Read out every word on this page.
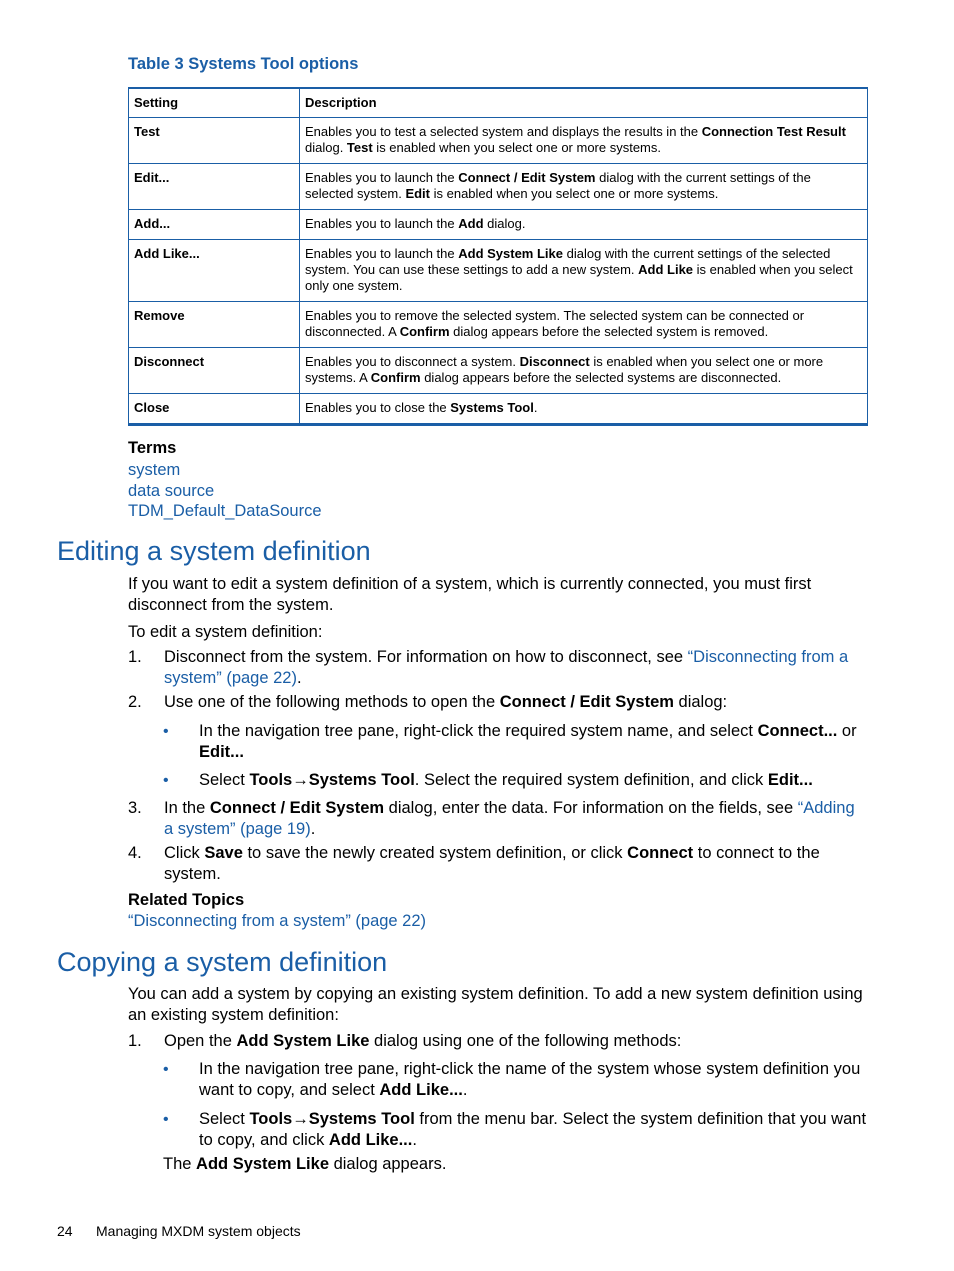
Table 3 Systems Tool options
Setting	Description
Test	Enables you to test a selected system and displays the results in the Connection Test Result dialog. Test is enabled when you select one or more systems.
Edit...	Enables you to launch the Connect / Edit System dialog with the current settings of the selected system. Edit is enabled when you select one or more systems.
Add...	Enables you to launch the Add dialog.
Add Like...	Enables you to launch the Add System Like dialog with the current settings of the selected system. You can use these settings to add a new system. Add Like is enabled when you select only one system.
Remove	Enables you to remove the selected system. The selected system can be connected or disconnected. A Confirm dialog appears before the selected system is removed.
Disconnect	Enables you to disconnect a system. Disconnect is enabled when you select one or more systems. A Confirm dialog appears before the selected systems are disconnected.
Close	Enables you to close the Systems Tool.
Terms
system
data source
TDM_Default_DataSource
Editing a system definition
If you want to edit a system definition of a system, which is currently connected, you must first disconnect from the system.
To edit a system definition:
1. Disconnect from the system. For information on how to disconnect, see “Disconnecting from a system” (page 22).
2. Use one of the following methods to open the Connect / Edit System dialog:
• In the navigation tree pane, right-click the required system name, and select Connect... or Edit...
• Select Tools→Systems Tool. Select the required system definition, and click Edit...
3. In the Connect / Edit System dialog, enter the data. For information on the fields, see “Adding a system” (page 19).
4. Click Save to save the newly created system definition, or click Connect to connect to the system.
Related Topics
“Disconnecting from a system” (page 22)
Copying a system definition
You can add a system by copying an existing system definition. To add a new system definition using an existing system definition:
1. Open the Add System Like dialog using one of the following methods:
• In the navigation tree pane, right-click the name of the system whose system definition you want to copy, and select Add Like....
• Select Tools→Systems Tool from the menu bar. Select the system definition that you want to copy, and click Add Like....
The Add System Like dialog appears.
24 Managing MXDM system objects
